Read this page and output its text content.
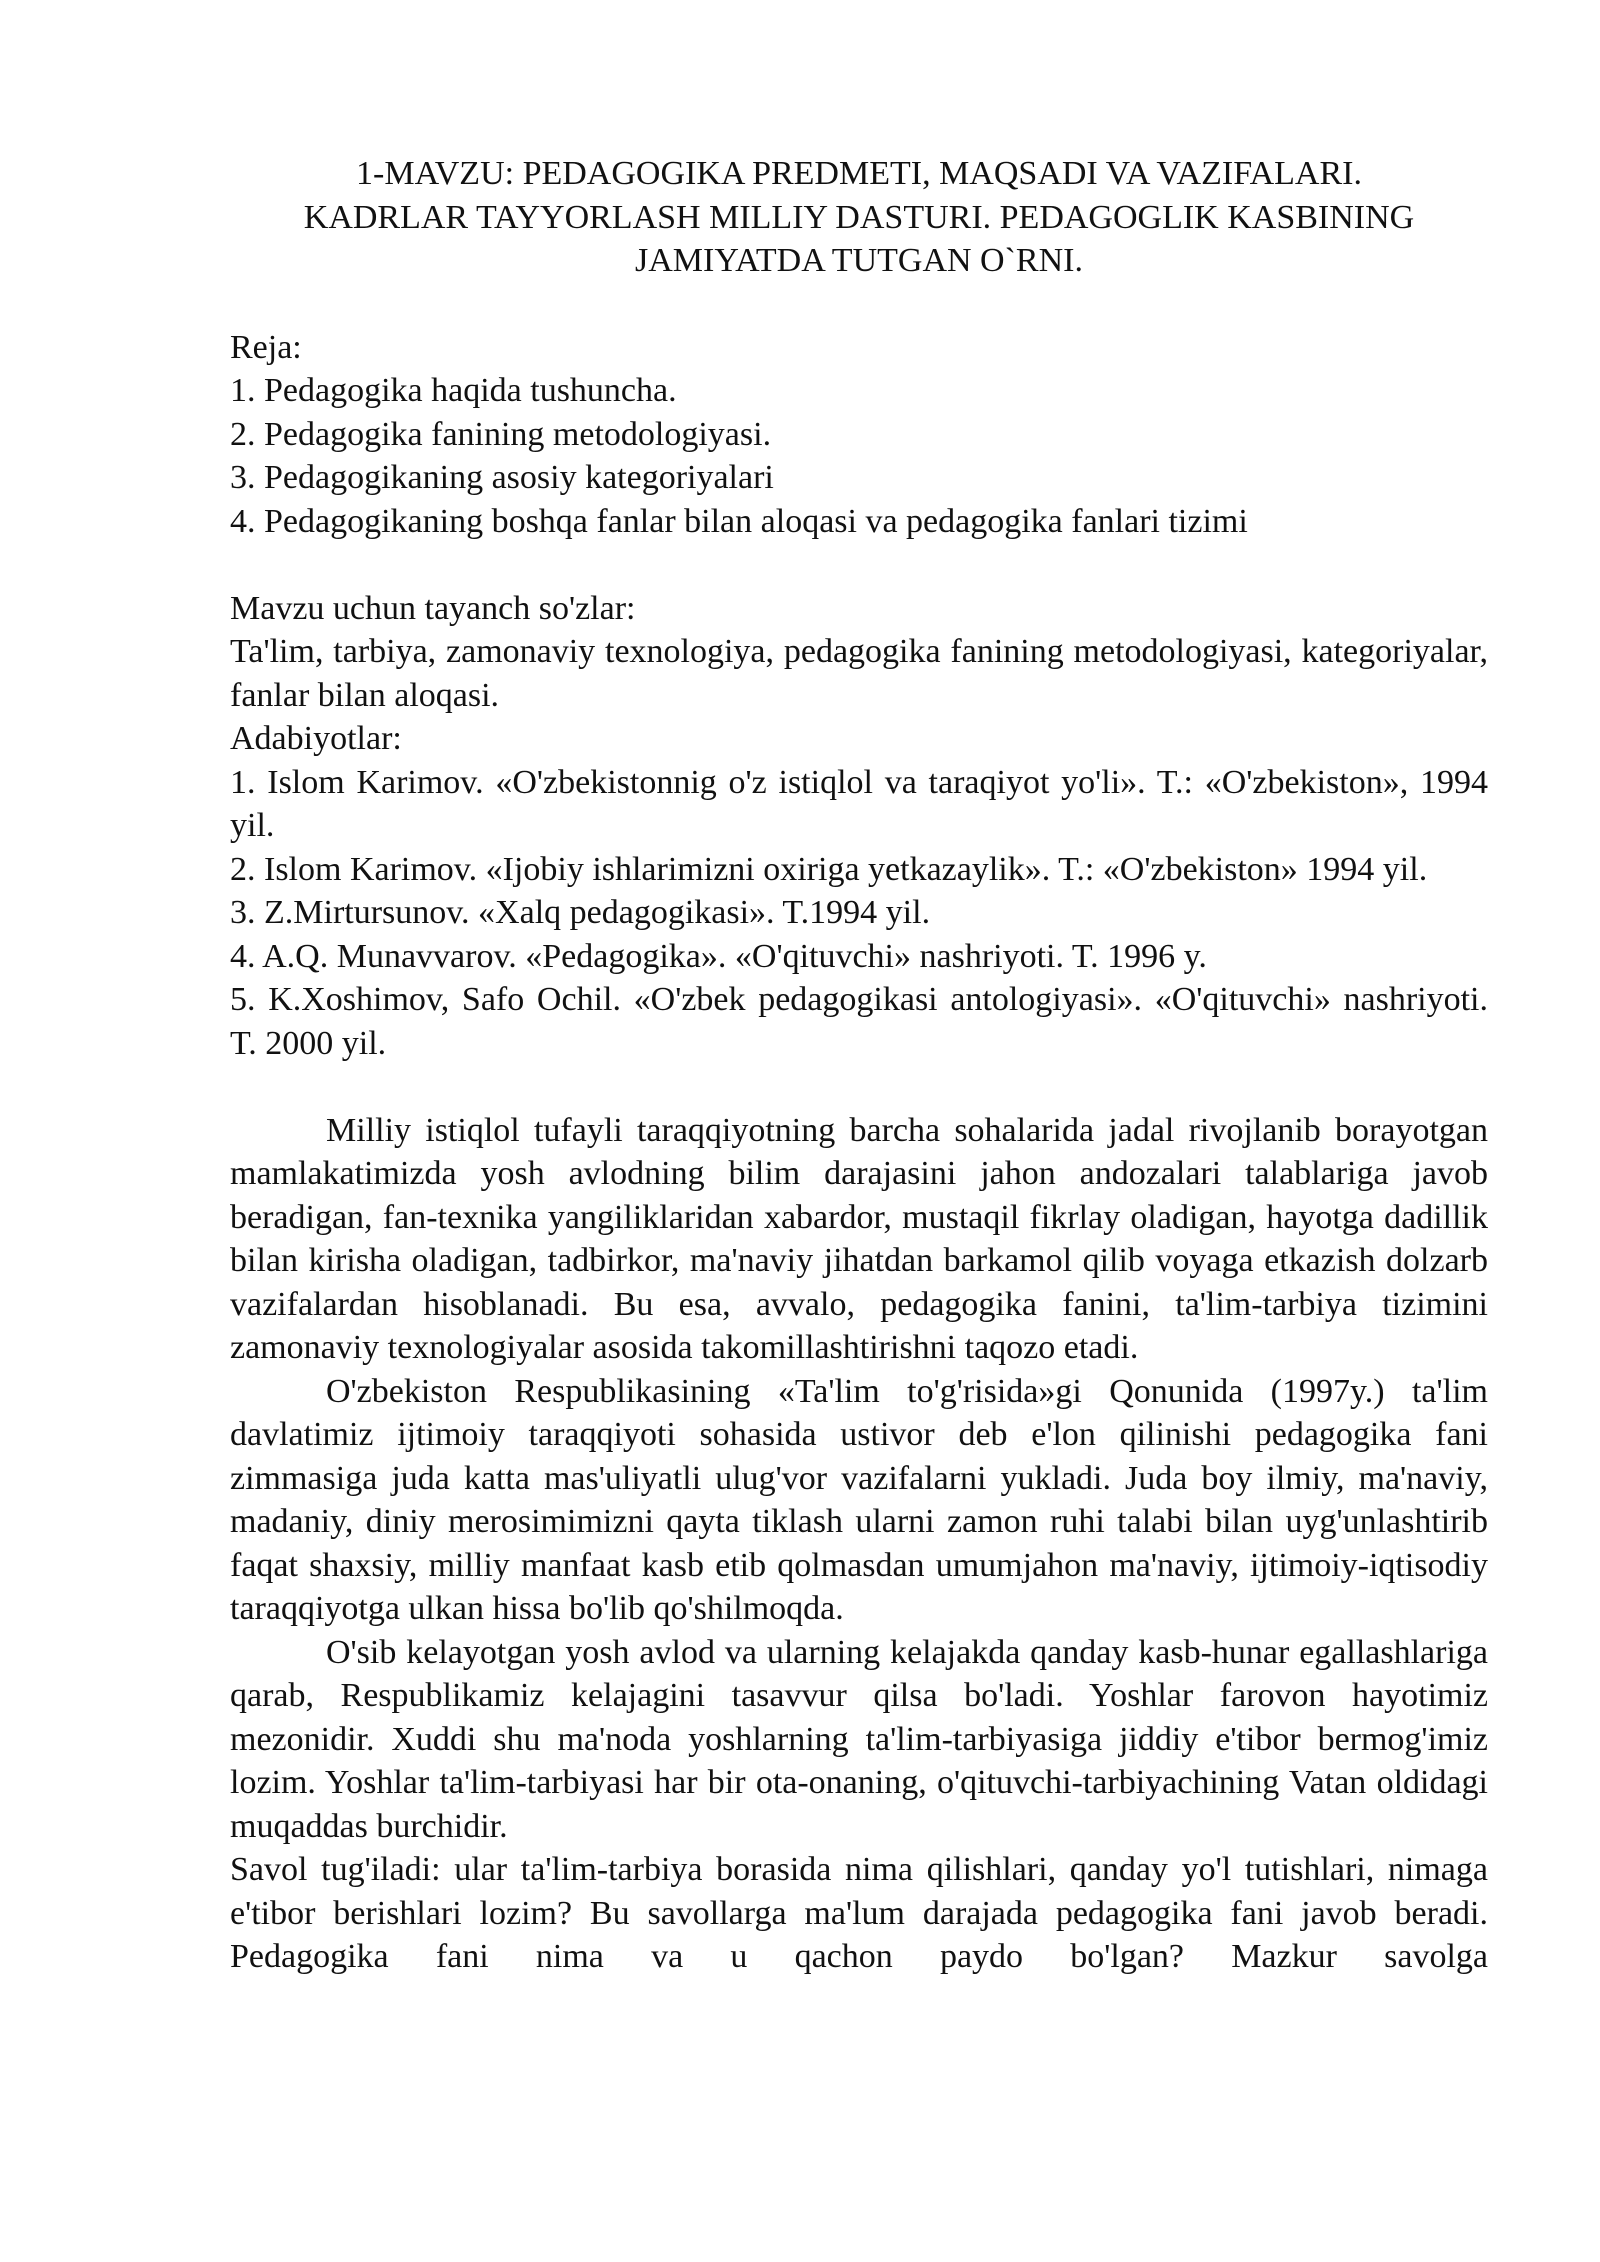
1-MAVZU: PEDAGOGIKA PREDMETI, MAQSADI VA VAZIFALARI.
KADRLAR TAYYORLASH MILLIY DASTURI. PEDAGOGLIK KASBINING
JAMIYATDA TUTGAN O`RNI.
Reja:
1. Pedagogika haqida tushuncha.
2. Pedagogika fanining metodologiyasi.
3. Pedagogikaning asosiy kategoriyalari
4. Pedagogikaning boshqa fanlar bilan aloqasi va pedagogika fanlari tizimi
Mavzu uchun tayanch so'zlar:

Ta'lim, tarbiya, zamonaviy texnologiya, pedagogika fanining metodologiyasi, kategoriyalar, fanlar bilan aloqasi.

Adabiyotlar:
1. Islom Karimov. «O'zbekistonnig o'z istiqlol va taraqiyot yo'li». T.: «O'zbekiston», 1994 yil.
2. Islom Karimov. «Ijobiy ishlarimizni oxiriga yetkazaylik». T.: «O'zbekiston» 1994 yil.
3. Z.Mirtursunov. «Xalq pedagogikasi». T.1994 yil.
4. A.Q. Munavvarov. «Pedagogika». «O'qituvchi» nashriyoti. T. 1996 y.
5. K.Xoshimov, Safo Ochil. «O'zbek pedagogikasi antologiyasi». «O'qituvchi» nashriyoti. T. 2000 yil.

Milliy istiqlol tufayli taraqqiyotning barcha sohalarida jadal rivojlanib borayotgan mamlakatimizda yosh avlodning bilim darajasini jahon andozalari talablariga javob beradigan, fan-texnika yangiliklaridan xabardor, mustaqil fikrlay oladigan, hayotga dadillik bilan kirisha oladigan, tadbirkor, ma'naviy jihatdan barkamol qilib voyaga etkazish dolzarb vazifalardan hisoblanadi. Bu esa, avvalo, pedagogika fanini, ta'lim-tarbiya tizimini zamonaviy texnologiyalar asosida takomillashtirishni taqozo etadi.

O'zbekiston Respublikasining «Ta'lim to'g'risida»gi Qonunida (1997y.) ta'lim davlatimiz ijtimoiy taraqqiyoti sohasida ustivor deb e'lon qilinishi pedagogika fani zimmasiga juda katta mas'uliyatli ulug'vor vazifalarni yukladi. Juda boy ilmiy, ma'naviy, madaniy, diniy merosimimizni qayta tiklash ularni zamon ruhi talabi bilan uyg'unlashtirib faqat shaxsiy, milliy manfaat kasb etib qolmasdan umumjahon ma'naviy, ijtimoiy-iqtisodiy taraqqiyotga ulkan hissa bo'lib qo'shilmoqda.

O'sib kelayotgan yosh avlod va ularning kelajakda qanday kasb-hunar egallashlariga qarab, Respublikamiz kelajagini tasavvur qilsa bo'ladi. Yoshlar farovon hayotimiz mezonidir. Xuddi shu ma'noda yoshlarning ta'lim-tarbiyasiga jiddiy e'tibor bermog'imiz lozim. Yoshlar ta'lim-tarbiyasi har bir ota-onaning, o'qituvchi-tarbiyachining Vatan oldidagi muqaddas burchidir.

Savol tug'iladi: ular ta'lim-tarbiya borasida nima qilishlari, qanday yo'l tutishlari, nimaga e'tibor berishlari lozim? Bu savollarga ma'lum darajada pedagogika fani javob beradi. Pedagogika fani nima va u qachon paydo bo'lgan? Mazkur savolga
